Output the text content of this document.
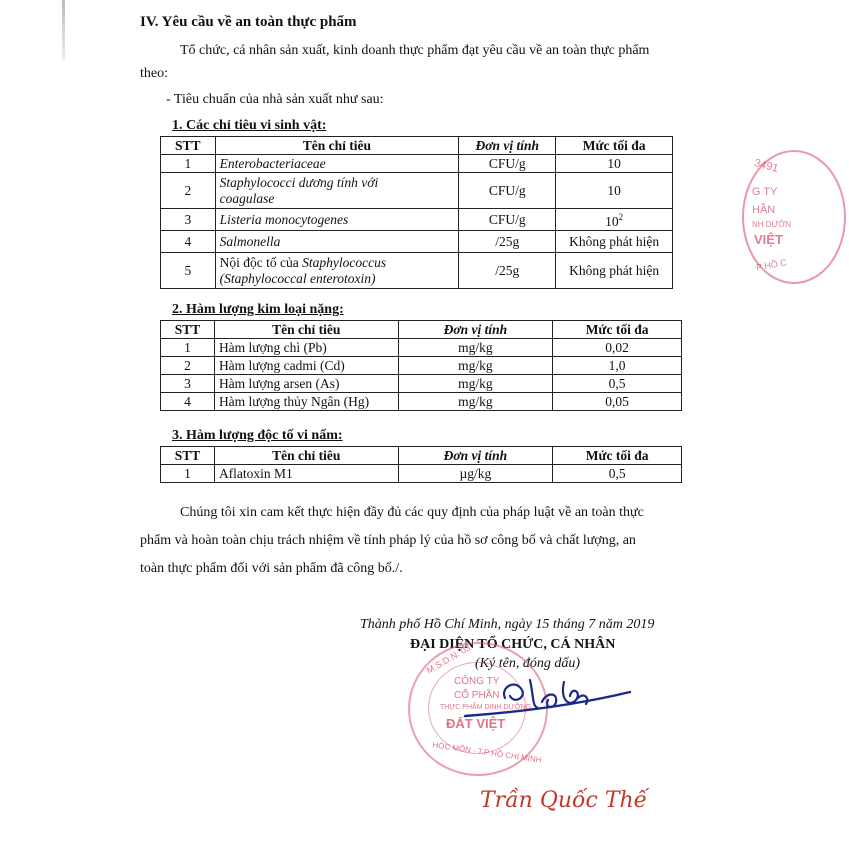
IV. Yêu cầu về an toàn thực phẩm
Tổ chức, cá nhân sản xuất, kinh doanh thực phẩm đạt yêu cầu về an toàn thực phẩm
theo:
- Tiêu chuẩn của nhà sản xuất như sau:
1. Các chỉ tiêu vi sinh vật:
STT	Tên chỉ tiêu	Đơn vị tính	Mức tối đa
1	Enterobacteriaceae	CFU/g	10
2	Staphylococci dương tính với
coagulase	CFU/g	10
3	Listeria monocytogenes	CFU/g	$10^2$
4	Salmonella	/25g	Không phát hiện
5	Nội độc tố của Staphylococcus
(Staphylococcal enterotoxin)	/25g	Không phát hiện
2. Hàm lượng kim loại nặng:
STT	Tên chỉ tiêu	Đơn vị tính	Mức tối đa
1	Hàm lượng chì (Pb)	mg/kg	0,02
2	Hàm lượng cadmi (Cd)	mg/kg	1,0
3	Hàm lượng arsen (As)	mg/kg	0,5
4	Hàm lượng thủy Ngân (Hg)	mg/kg	0,05
3. Hàm lượng độc tố vi nấm:
STT	Tên chỉ tiêu	Đơn vị tính	Mức tối đa
1	Aflatoxin M1	µg/kg	0,5
Chúng tôi xin cam kết thực hiện đầy đủ các quy định của pháp luật về an toàn thực
phẩm và hoàn toàn chịu trách nhiệm về tính pháp lý của hồ sơ công bố và chất lượng, an
toàn thực phẩm đối với sản phẩm đã công bố./.
Thành phố Hồ Chí Minh, ngày 15 tháng 7 năm 2019
ĐẠI DIỆN TỔ CHỨC, CÁ NHÂN
(Ký tên, đóng dấu)
M.S.D.N: 03
CÔNG TY
CỔ PHẦN
THỰC PHẨM DINH DƯỠNG
ĐẤT VIỆT
HÓC MÔN - T.P HỒ CHÍ MINH
Trần Quốc Thế
3491
G TY
HẦN
NH DƯỠN
VIỆT
P HỒ C
